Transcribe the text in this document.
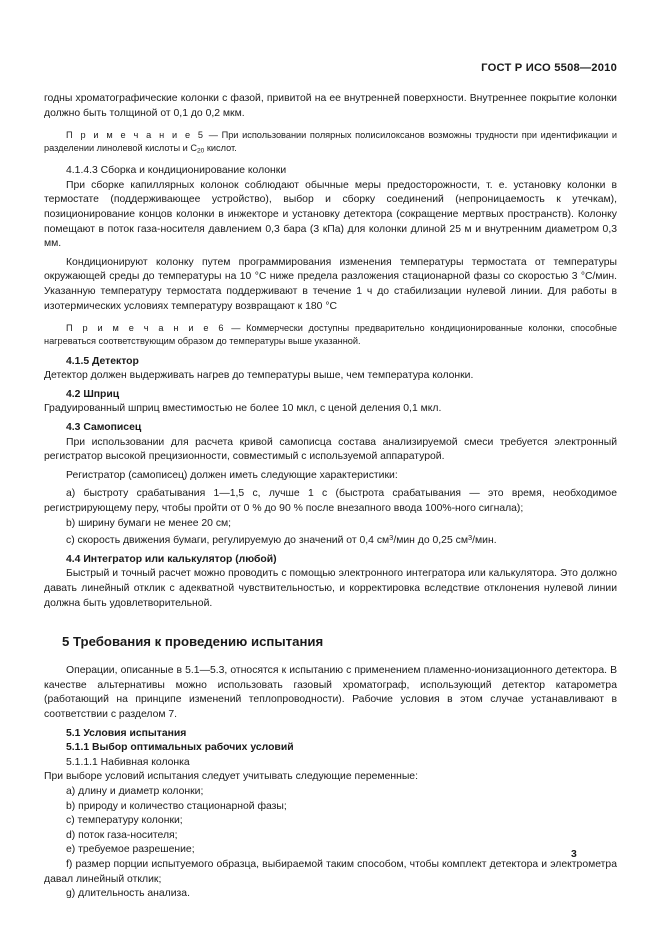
ГОСТ Р ИСО 5508—2010

годны хроматографические колонки с фазой, привитой на ее внутренней поверхности. Внутреннее покрытие колонки должно быть толщиной от 0,1 до 0,2 мкм.

П р и м е ч а н и е 5 — При использовании полярных полисилоксанов возможны трудности при идентификации и разделении линолевой кислоты и $C_{20}$ кислот.

4.1.4.3 Сборка и кондиционирование колонки

При сборке капиллярных колонок соблюдают обычные меры предосторожности, т. е. установку колонки в термостате (поддерживающее устройство), выбор и сборку соединений (непроницаемость к утечкам), позиционирование концов колонки в инжекторе и установку детектора (сокращение мертвых пространств). Колонку помещают в поток газа-носителя давлением 0,3 бара (3 кПа) для колонки длиной 25 м и внутренним диаметром 0,3 мм.

Кондиционируют колонку путем программирования изменения температуры термостата от температуры окружающей среды до температуры на 10 °C ниже предела разложения стационарной фазы со скоростью 3 °C/мин. Указанную температуру термостата поддерживают в течение 1 ч до стабилизации нулевой линии. Для работы в изотермических условиях температуру возвращают к 180 °C

П р и м е ч а н и е 6 — Коммерчески доступны предварительно кондиционированные колонки, способные нагреваться соответствующим образом до температуры выше указанной.

4.1.5 Детектор

Детектор должен выдерживать нагрев до температуры выше, чем температура колонки.

4.2 Шприц

Градуированный шприц вместимостью не более 10 мкл, с ценой деления 0,1 мкл.

4.3 Самописец

При использовании для расчета кривой самописца состава анализируемой смеси требуется электронный регистратор высокой прецизионности, совместимый с используемой аппаратурой.

Регистратор (самописец) должен иметь следующие характеристики:

a) быстроту срабатывания 1—1,5 с, лучше 1 с (быстрота срабатывания — это время, необходимое регистрирующему перу, чтобы пройти от 0 % до 90 % после внезапного ввода 100%-ного сигнала);

b) ширину бумаги не менее 20 см;

c) скорость движения бумаги, регулируемую до значений от 0,4 $см^3$/мин до 0,25 $см^3$/мин.

4.4 Интегратор или калькулятор (любой)

Быстрый и точный расчет можно проводить с помощью электронного интегратора или калькулятора. Это должно давать линейный отклик с адекватной чувствительностью, и корректировка вследствие отклонения нулевой линии должна быть удовлетворительной.

5 Требования к проведению испытания

Операции, описанные в 5.1—5.3, относятся к испытанию с применением пламенно-ионизационного детектора. В качестве альтернативы можно использовать газовый хроматограф, использующий детектор катарометра (работающий на принципе изменений теплопроводности). Рабочие условия в этом случае устанавливают в соответствии с разделом 7.

5.1 Условия испытания
5.1.1 Выбор оптимальных рабочих условий
5.1.1.1 Набивная колонка

При выборе условий испытания следует учитывать следующие переменные:

a) длину и диаметр колонки;

b) природу и количество стационарной фазы;

c) температуру колонки;

d) поток газа-носителя;

e) требуемое разрешение;

f) размер порции испытуемого образца, выбираемой таким способом, чтобы комплект детектора и электрометра давал линейный отклик;

g) длительность анализа.

3
